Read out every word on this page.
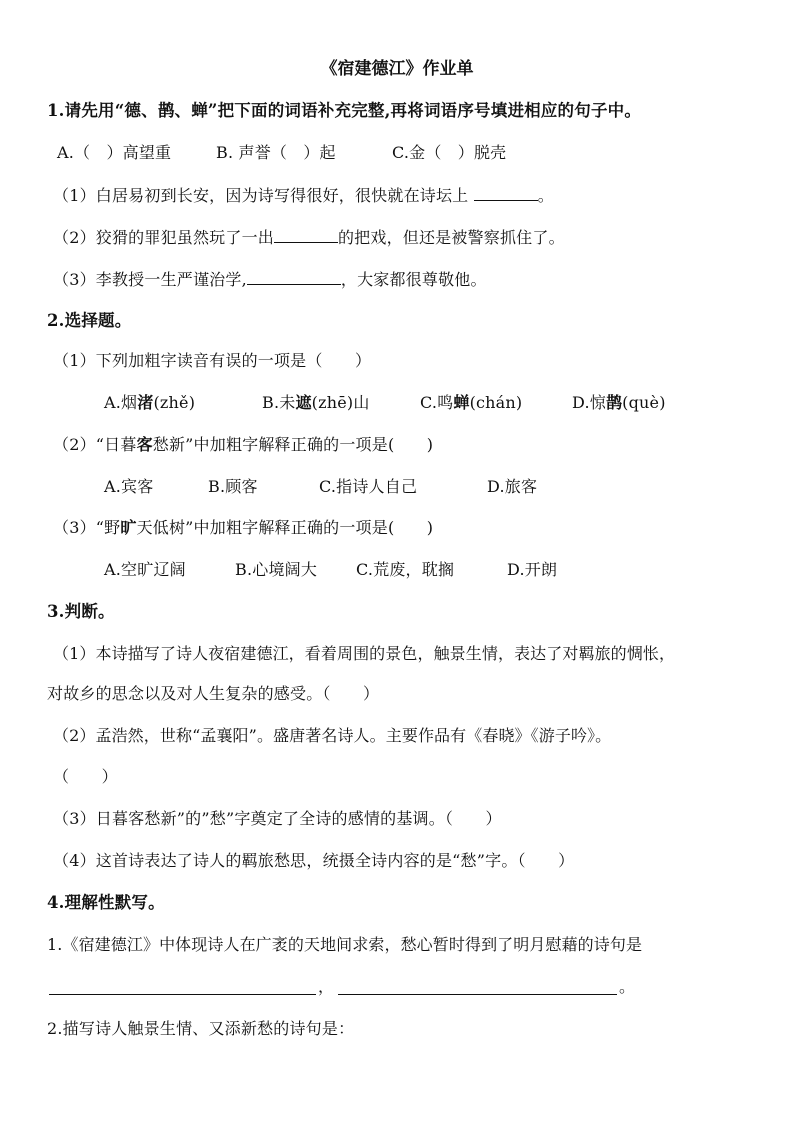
《宿建德江》作业单
1.请先用“德、鹊、蝉”把下面的词语补充完整,再将词语序号填进相应的句子中。
A.（　）高望重	B. 声誉（　）起	C.金（　）脱壳
（1）白居易初到长安，因为诗写得很好，很快就在诗坛上	。
（2）狡猾的罪犯虽然玩了一出	的把戏，但还是被警察抓住了。
（3）李教授一生严谨治学,	，大家都很尊敬他。
2.选择题。
（1）下列加粗字读音有误的一项是（　　）
A.烟渚(zhě)	B.未遮(zhē)山	C.鸣蝉(chán)	D.惊鹊(què)
（2）“日暮客愁新”中加粗字解释正确的一项是(　　)
A.宾客	B.顾客	C.指诗人自己	D.旅客
（3）“野旷天低树”中加粗字解释正确的一项是(　　)
A.空旷辽阔	B.心境阔大 C.荒废，耽搁	D.开朗
3.判断。
（1）本诗描写了诗人夜宿建德江，看着周围的景色，触景生情，表达了对羁旅的惆怅，
对故乡的思念以及对人生复杂的感受。（　　）
（2）孟浩然，世称“孟襄阳”。盛唐著名诗人。主要作品有《春晓》《游子吟》。
（　　）
（3）日暮客愁新”的”愁”字奠定了全诗的感情的基调。（　　）
（4）这首诗表达了诗人的羁旅愁思，统摄全诗内容的是“愁”字。（　　）
4.理解性默写。
1.《宿建德江》中体现诗人在广袤的天地间求索，愁心暂时得到了明月慰藉的诗句是
，	。
2.描写诗人触景生情、又添新愁的诗句是：
